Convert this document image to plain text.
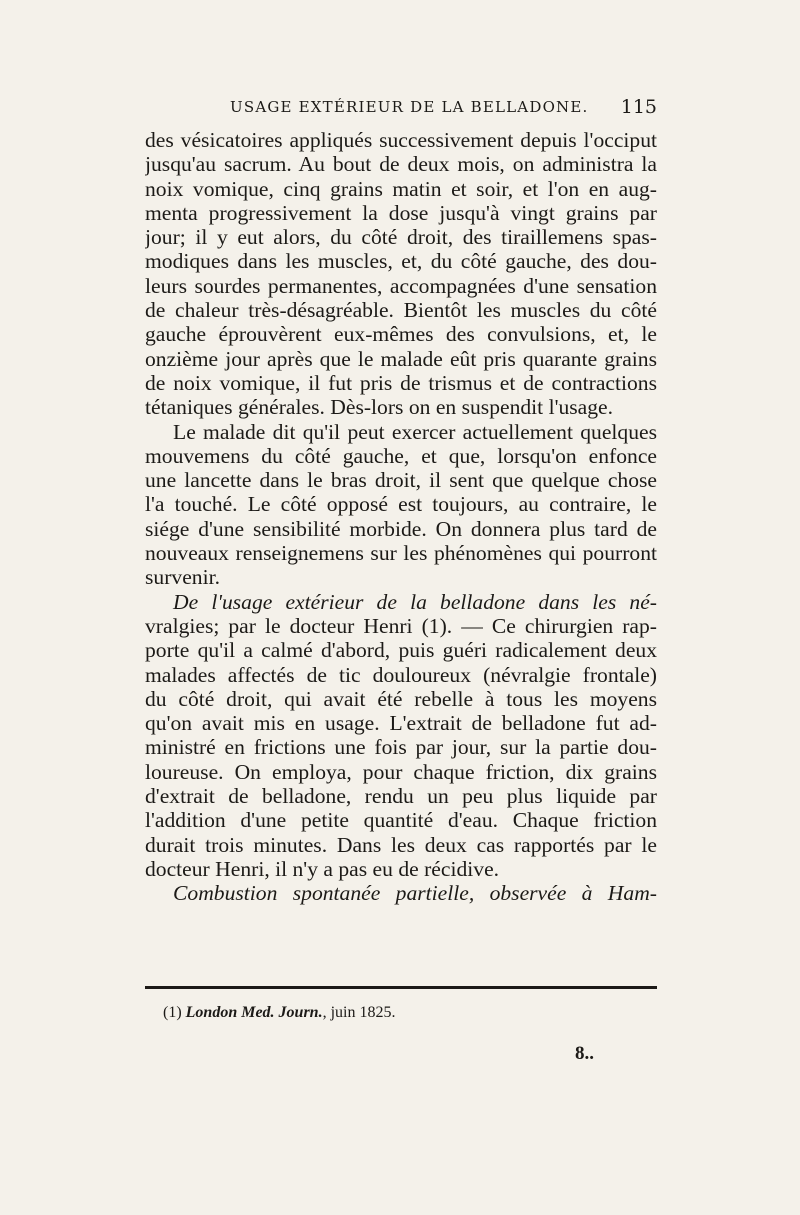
USAGE EXTÉRIEUR DE LA BELLADONE. 115
des vésicatoires appliqués successivement depuis l'occiput
jusqu'au sacrum. Au bout de deux mois, on administra la
noix vomique, cinq grains matin et soir, et l'on en aug-
menta progressivement la dose jusqu'à vingt grains par
jour; il y eut alors, du côté droit, des tiraillemens spas-
modiques dans les muscles, et, du côté gauche, des dou-
leurs sourdes permanentes, accompagnées d'une sensation
de chaleur très-désagréable. Bientôt les muscles du côté
gauche éprouvèrent eux-mêmes des convulsions, et, le
onzième jour après que le malade eût pris quarante grains
de noix vomique, il fut pris de trismus et de contractions
tétaniques générales. Dès-lors on en suspendit l'usage.
Le malade dit qu'il peut exercer actuellement quelques
mouvemens du côté gauche, et que, lorsqu'on enfonce
une lancette dans le bras droit, il sent que quelque chose
l'a touché. Le côté opposé est toujours, au contraire, le
siége d'une sensibilité morbide. On donnera plus tard de
nouveaux renseignemens sur les phénomènes qui pourront
survenir.
De l'usage extérieur de la belladone dans les né-
vralgies; par le docteur Henri (1). — Ce chirurgien rap-
porte qu'il a calmé d'abord, puis guéri radicalement deux
malades affectés de tic douloureux (névralgie frontale)
du côté droit, qui avait été rebelle à tous les moyens
qu'on avait mis en usage. L'extrait de belladone fut ad-
ministré en frictions une fois par jour, sur la partie dou-
loureuse. On employa, pour chaque friction, dix grains
d'extrait de belladone, rendu un peu plus liquide par
l'addition d'une petite quantité d'eau. Chaque friction
durait trois minutes. Dans les deux cas rapportés par le
docteur Henri, il n'y a pas eu de récidive.
Combustion spontanée partielle, observée à Ham-
(1) London Med. Journ., juin 1825.
8..
